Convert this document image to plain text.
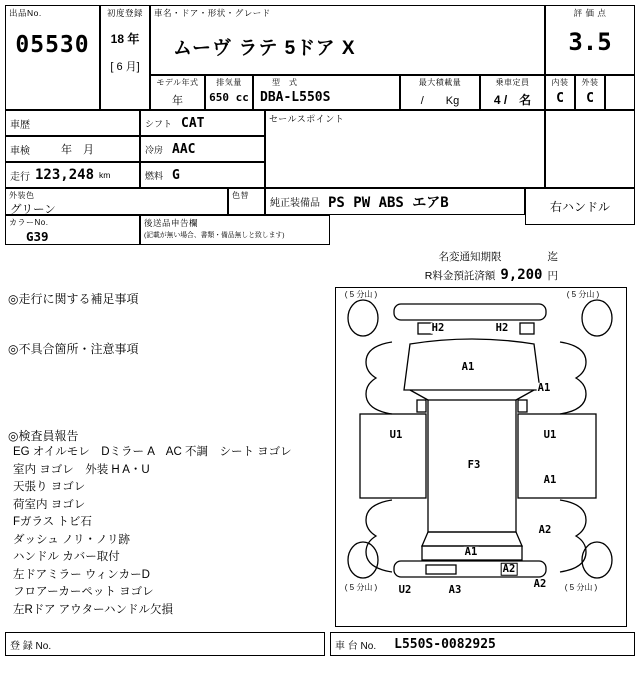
出品No.
05530
初度登録
18 年
[ 6 月]
車名・ドア・形状・グレード
ムーヴ ラテ 5ドア X
評 価 点
3.5
モデル年式
年
排気量
650 cc
型　式
DBA-L550S
最大積載量
/　　Kg
乗車定員
4 /　名
内装
C
外装
C
車歴	シフト CAT
車検	年　月	冷房 AAC
走行 123,248 km	燃料 G
外装色
グリーン
色替
カラーNo.
G39
後送品申告欄
(記載が無い場合、書類・備品無しと致します)
セールスポイント
純正装備品 PS PW ABS エアB	右ハンドル
名変通知期限	迄
R料金預託済額 9,200 円
◎走行に関する補足事項
◎不具合箇所・注意事項
◎検査員報告
EG オイルモレ　Dミラー A　AC 不調　シート ヨゴレ
室内 ヨゴレ　外装 H A・U
天張り ヨゴレ
荷室内 ヨゴレ
Fガラス トビ石
ダッシュ ノリ・ノリ跡
ハンドル カバー取付
左ドアミラー ウィンカーD
フロアーカーペット ヨゴレ
左Rドア アウターハンドル欠損
( 5 分山 )	( 5 分山 )
( 5 分山 )	( 5 分山 )
H2	H2
A1
A1
U1	U1
F3
A1
A2
A1
A2
U2	A3	A2
登 録 No.	車 台 No. L550S-0082925
